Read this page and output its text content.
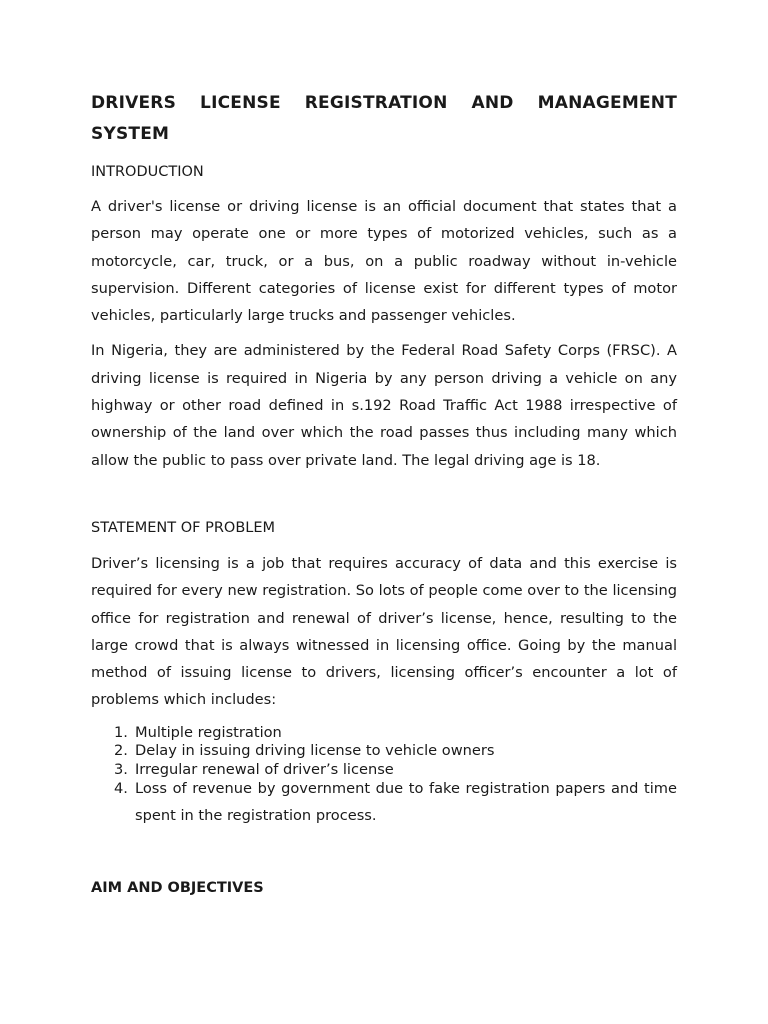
DRIVERS LICENSE REGISTRATION AND MANAGEMENT SYSTEM
INTRODUCTION

A driver's license or driving license is an official document that states that a person may operate one or more types of motorized vehicles, such as a motorcycle, car, truck, or a bus, on a public roadway without in-vehicle supervision. Different categories of license exist for different types of motor vehicles, particularly large trucks and passenger vehicles.

In Nigeria, they are administered by the Federal Road Safety Corps (FRSC). A driving license is required in Nigeria by any person driving a vehicle on any highway or other road defined in s.192 Road Traffic Act 1988 irrespective of ownership of the land over which the road passes thus including many which allow the public to pass over private land. The legal driving age is 18.

STATEMENT OF PROBLEM

Driver’s licensing is a job that requires accuracy of data and this exercise is required for every new registration. So lots of people come over to the licensing office for registration and renewal of driver’s license, hence, resulting to the large crowd that is always witnessed in licensing office. Going by the manual method of issuing license to drivers, licensing officer’s encounter a lot of problems which includes:

1. Multiple registration
2. Delay in issuing driving license to vehicle owners
3. Irregular renewal of driver’s license
4. Loss of revenue by government due to fake registration papers and time spent in the registration process.
AIM AND OBJECTIVES
